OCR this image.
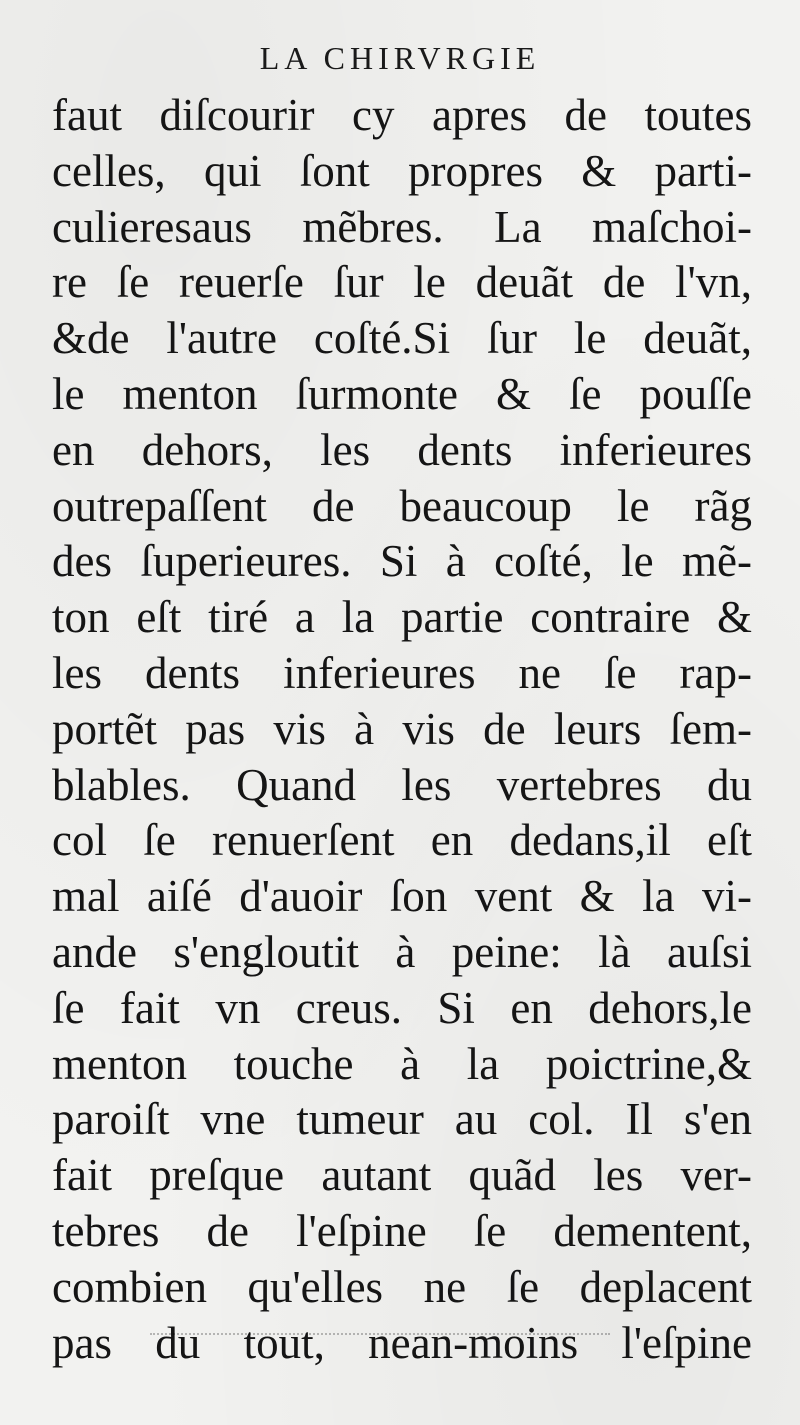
LA CHIRVRGIE
faut diſcourir cy apres de toutes
celles, qui ſont propres & parti-
culieresaus mẽbres. La maſchoi-
re ſe reuerſe ſur le deuãt de l'vn,
&de l'autre coſté.Si ſur le deuãt,
le menton ſurmonte & ſe pouſſe
en dehors, les dents inferieures
outrepaſſent de beaucoup le rãg
des ſuperieures. Si à coſté, le mẽ-
ton eſt tiré a la partie contraire &
les dents inferieures ne ſe rap-
portẽt pas vis à vis de leurs ſem-
blables. Quand les vertebres du
col ſe renuerſent en dedans,il eſt
mal aiſé d'auoir ſon vent & la vi-
ande s'engloutit à peine: là auſsi
ſe fait vn creus. Si en dehors,le
menton touche à la poictrine,&
paroiſt vne tumeur au col. Il s'en
fait preſque autant quãd les ver-
tebres de l'eſpine ſe dementent,
combien qu'elles ne ſe deplacent
pas du tout, nean-moins l'eſpine
